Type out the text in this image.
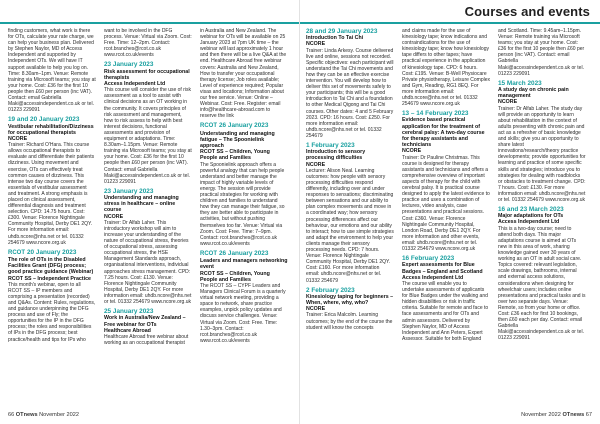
66 OTnews November 2022
Courses and events
November 2022 OTnews 67

finding customers, what work is there for OTs, calculate your rate charge, we can help your business plan. Delivered by Stephen Naylor, MD of Access Independent and supported by Independent OTs. We will have IT support available to help you log on. Time: 8.30am–1pm. Venue: Remote training via Microsoft teams; you stay at your home. Cost: £36 for the first 10 people then £60 per person (inc VAT). Contact: email Gabriella Maki@accessindependent.co.uk or tel. 01223 229091

19 and 20 January 2023
Vestibular rehabilitation/Dizziness for occupational therapists
NCORE

Trainer: Richard O'Hara. This course allows occupational therapists to evaluate and differentiate their patients dizziness. Using movement and exercise, OTs can effectively treat common causes of dizziness. This intense two day course covers the essentials of vestibular assessment and treatment. A strong emphasis is placed on clinical assessment, differential diagnosis and treatment selection. CPD: 14.75 hours. Cost: £300. Venue: Florence Nightingale Community Hospital, Derby DE1 2QY. For more information email: uhdb.ncore@nhs.net or tel. 01332 254679 www.ncore.org.uk

RCOT 20 January 2023
The role of OTs in the Disabled Facilities Grant (DFG) process; good practice guidance (Webinar)
RCOT SS – Independent Practice

This month's webinar, open to all RCOT SS – IP members and comprising a presentation (recorded) and Q&As. Content: Rules, regulations, and guidance underpinning the DFG process and use of Fly; the opportunities for the IP in the DFG process; the roles and responsibilities of IPs in the DFG process; best practice/health and tips for IPs who

want to be involved in the DFG process. Venue: Virtual via Zoom. Cost: Free. Time: 12–2pm. Contact: rcot.branches@rcot.co.uk www.rcot.co.uk/events

23 January 2023
Risk assessment for occupational therapists
Access Independent Ltd

This course will consider the use of risk assessment as a tool to assist with clinical decisions as an OT working in the community. It covers principles of risk assessment and management, how to risk assess to help with best interest decisions, functional assessments and provision of equipment or adaptations. Time: 8.30am–1.15pm. Venue: Remote training via Microsoft teams; you stay at your home. Cost: £36 for the first 10 people then £60 per person (inc VAT). Contact: email Gabriella Maki@accessindependent.co.uk or tel. 01223 229091

23 January 2023
Understanding and managing stress in healthcare – online course
NCORE

Trainer: Dr Alfab Laher. This introductory workshop will aim to increase your understanding of the nature of occupational stress, theories of occupational stress, assessing occupational stress, the HSE Management Standards approach, organisational interventions, individual approaches stress management. CPD: 7.25 hours. Cost: £130. Venue: Florence Nightingale Community Hospital, Derby DE1 2QY. For more information email: uhdb.ncore@nhs.net or tel. 01332 254679 www.ncore.org.uk

25 January 2023
Work in Australia/New Zealand – Free webinar for OTs
Healthcare Abroad

Healthcare Abroad free webinar about working as an occupational therapist

in Australia and New Zealand. The webinar for OTs will be available on 25 January 2023 at 7pm UK time – the webinar will last approximately 1 hour and then there will be a live Q&A at the end. Healthcare Abroad free webinar covers: Australia and New Zealand, How to transfer your occupational therapy license; Job roles available; Level of experience required; Popular visas and locations; Information about our free service. Venue: Online – Webinar. Cost: Free. Register: email info@healthcare-abroad.com to reserve the link

RCOT 26 January 2023
Understanding and managing fatigue – The Spoonielink approach
RCOT SS – Children, Young People and Families

The Spoonielink approach offers a powerful analogy that can help people understand and better manage the impact of highly variable levels of energy. The session will provide practical strategies for working with children and families to understand how they can manage their fatigue, so they are better able to participate in activities, but without pushing themselves too far. Venue: Virtual via Zoom. Cost: Free. Time: 7–9pm. Contact: rcot.branches@rcot.co.uk www.rcot.co.uk/events

RCOT 26 January 2023
Leaders and managers networking event
RCOT SS – Children, Young People and Families

The RCOT SS – CYPF Leaders and Managers Clinical Forum is a quarterly virtual network meeting, providing a space to network, share practice examples, unpick policy updates and discuss service challenges. Venue: Virtual via Zoom. Cost: Free. Time: 1.30–3pm. Contact: rcot.branches@rcot.co.uk www.rcot.co.uk/events

28 and 29 January 2023
Introduction To Tai Chi
NCORE

Trainer: Linda Arkesy. Course delivered live and online, sessions not recorded. Specific objectives: each participant will understand the Tai Chi movements and how they can be an effective exercise intervention. You will develop how to deliver this set of movements safely to your participants; this will be a good introduction to Tai Chi and a foundation to other Medical Qigong and Tai Chi courses. Other dates: 4 and 5 February 2023. CPD: 16 hours. Cost: £250. For more information email: uhdb.ncore@nhs.net or tel. 01332 254679

1 February 2023
Introduction to sensory processing difficulties
NCORE

Lecturer: Alison Neal. Learning outcomes: how people with sensory processing difficulties respond differently, including over and under responses to sensations; discriminating between sensations and our ability to plan complex movements and move in a coordinated way; how sensory processing differences affect our behaviour, our emotions and our ability to interact; how to use simple strategies and adapt the environment to help your clients manage their sensory processing needs. CPD: 7 hours. Venue: Florence Nightingale Community Hospital, Derby DE1 2QY. Cost: £160. For more information email: uhdb.ncore@nhs.net or tel. 01332 254679

2 February 2023
Kinesiology taping for beginners – When, where, why, who?
NCORE

Trainer: Erica Malcolm. Learning outcomes; by the end of the course the student will know the concepts

and claims made for the use of kinesiology tape; know indications and contraindications for the use of kinesiology tape; know how kinesiology tape differs to other tapes; have practical experience in the application of kinesiology tape. CPD: 6 hours. Cost: £195. Venue: B-Well Physiocare Private physiotherapy, Leisure Complex and Gym, Reading, RG1 8EQ. For more information email: uhdb.ncore@nhs.net or tel. 01332 254679 www.ncore.org.uk

13 – 14 February 2023
Evidence based practical application for the treatment of cerebral palsy: A two-day course for therapy assistants and technicians
NCORE

Trainer: Dr Pauline Christmas. This course is designed for therapy assistants and technicians and offers a comprehensive overview of important aspects of therapy for the child with cerebral palsy. It is practical course designed to apply the latest evidence to practice and uses a combination of lectures, video analysis, case presentations and practical sessions. Cost: £360. Venue: Florence Nightingale Community Hospital, London Road, Derby DE1 2QY. For more information and other events, email: uhdb.ncore@nhs.net or tel. 01332 254679 www.ncore.org.uk

16 February 2023
Expert assessments for Blue Badges – England and Scotland
Access Independent Ltd

The course will enable you to undertake assessments of applicants for Blue Badges under the walking and hidden disabilities or risk in traffic criteria. Suitable for remote and face to face assessments and for OTs and admin assessors. Delivered by Stephen Naylor, MD of Access Independent and Ann Peters, Expert Assessor. Suitable for both England

and Scotland. Time: 9.45am–1.15pm. Venue: Remote training via Microsoft teams; you stay at your home. Cost: £36 for the first 10 people then £60 per person (inc VAT). Contact: email Gabriella Maki@accessindependent.co.uk or tel. 01223 229091

15 March 2023
A study day on chronic pain management
NCORE

Trainer: Dr Alfab Laher. The study day will provide an opportunity to learn about rehabilitation in the context of adults presenting with chronic pain and act as a refresher of basic knowledge and skills; give you an opportunity to share latest innovations/research/theory practice developments; provide opportunities for learning and practice of some specific skills and strategies; introduce you to strategies for dealing with roadblocks or obstacles to treatment change. CPD: 7 hours. Cost: £130. For more information email: uhdb.ncore@nhs.net or tel. 01332 254679 www.ncore.org.uk

16 and 23 March 2023
Major adaptations for OTs
Access Independent Ltd

This is a two-day course; need to attend both days. This major adaptations course is aimed at OTs new in this area of work, sharing knowledge gained over 30 years of working as an OT in adult social care. Topics covered: relevant legislation, scale drawings, bathrooms, internal and external access solutions, considerations when designing for wheelchair users; includes online presentations and practical tasks and is over two separate days. Venue: Remote, so from your home or office. Cost: £36 each for first 10 bookings, then £60 each per day. Contact: email Gabriella Maki@accessindependent.co.uk or tel. 01223 229091
